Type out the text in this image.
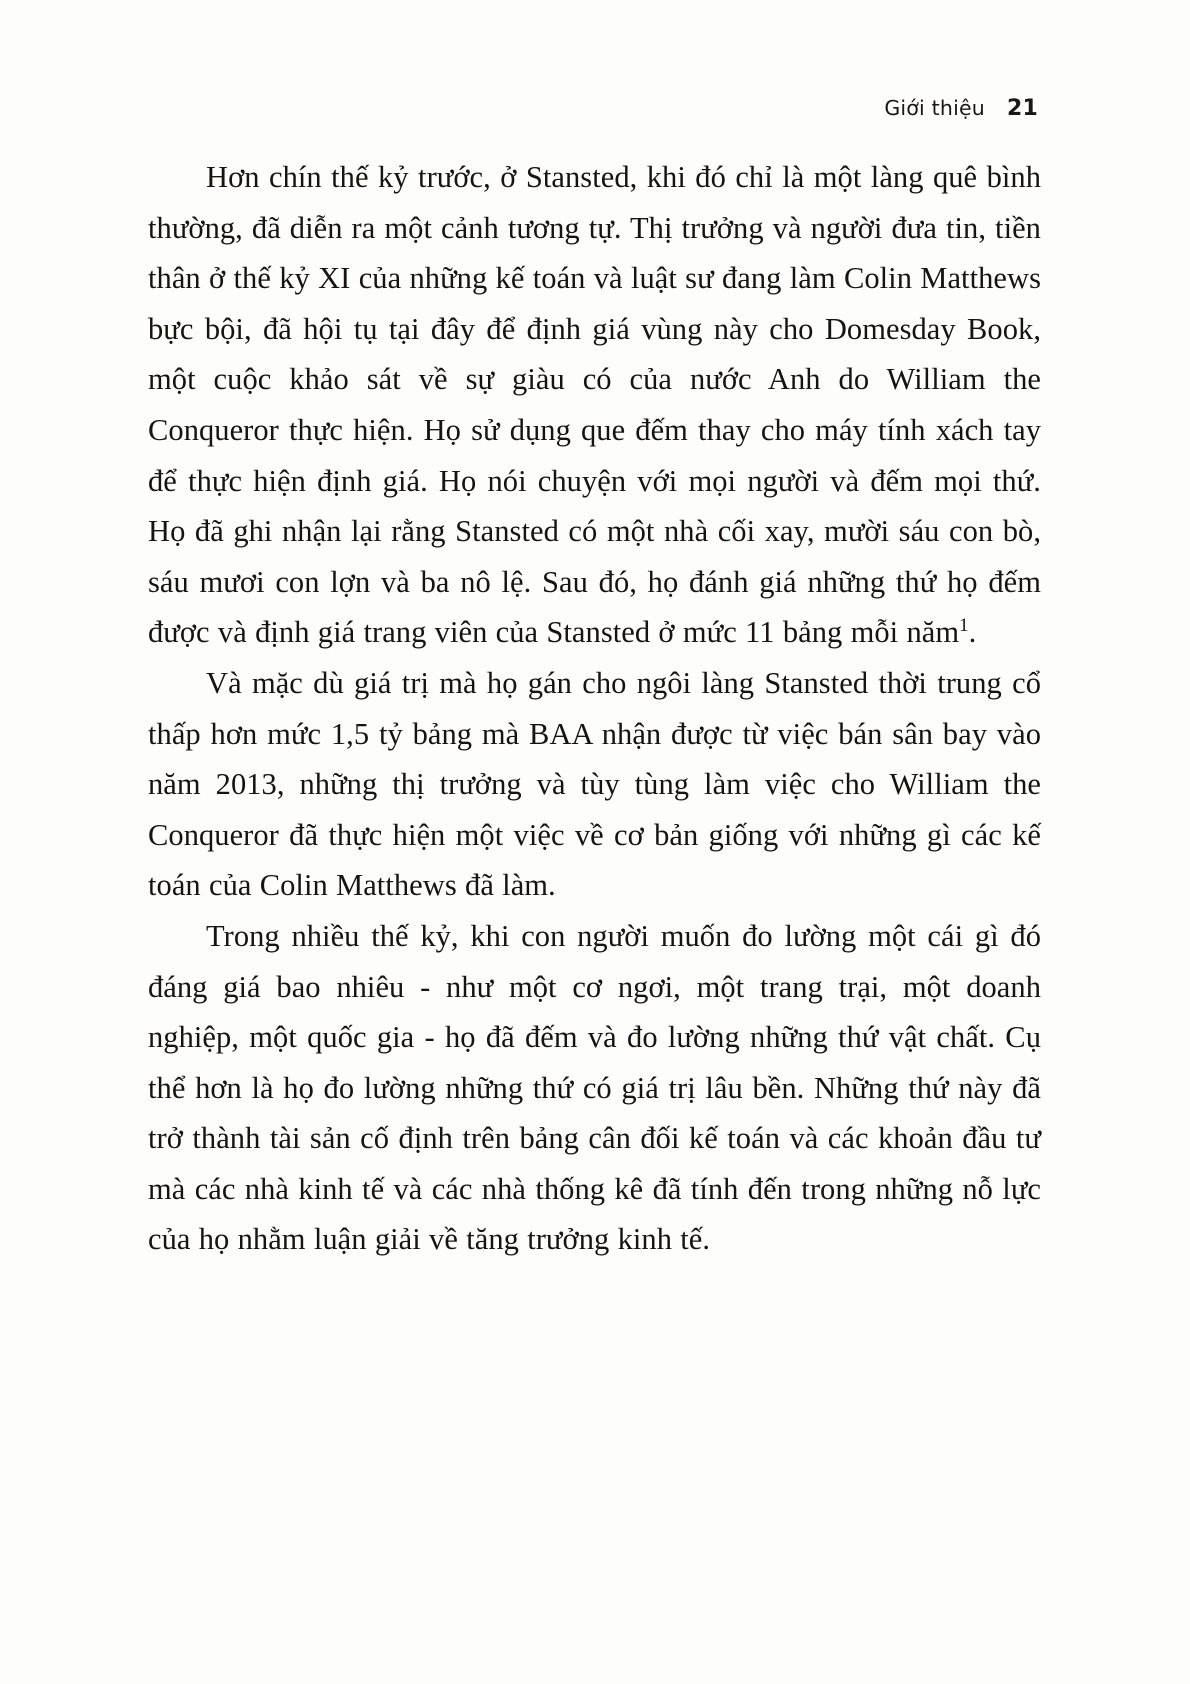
Giới thiệu 21

Hơn chín thế kỷ trước, ở Stansted, khi đó chỉ là một làng quê bình thường, đã diễn ra một cảnh tương tự. Thị trưởng và người đưa tin, tiền thân ở thế kỷ XI của những kế toán và luật sư đang làm Colin Matthews bực bội, đã hội tụ tại đây để định giá vùng này cho Domesday Book, một cuộc khảo sát về sự giàu có của nước Anh do William the Conqueror thực hiện. Họ sử dụng que đếm thay cho máy tính xách tay để thực hiện định giá. Họ nói chuyện với mọi người và đếm mọi thứ. Họ đã ghi nhận lại rằng Stansted có một nhà cối xay, mười sáu con bò, sáu mươi con lợn và ba nô lệ. Sau đó, họ đánh giá những thứ họ đếm được và định giá trang viên của Stansted ở mức 11 bảng mỗi năm$^1$.

Và mặc dù giá trị mà họ gán cho ngôi làng Stansted thời trung cổ thấp hơn mức 1,5 tỷ bảng mà BAA nhận được từ việc bán sân bay vào năm 2013, những thị trưởng và tùy tùng làm việc cho William the Conqueror đã thực hiện một việc về cơ bản giống với những gì các kế toán của Colin Matthews đã làm.

Trong nhiều thế kỷ, khi con người muốn đo lường một cái gì đó đáng giá bao nhiêu - như một cơ ngơi, một trang trại, một doanh nghiệp, một quốc gia - họ đã đếm và đo lường những thứ vật chất. Cụ thể hơn là họ đo lường những thứ có giá trị lâu bền. Những thứ này đã trở thành tài sản cố định trên bảng cân đối kế toán và các khoản đầu tư mà các nhà kinh tế và các nhà thống kê đã tính đến trong những nỗ lực của họ nhằm luận giải về tăng trưởng kinh tế.
